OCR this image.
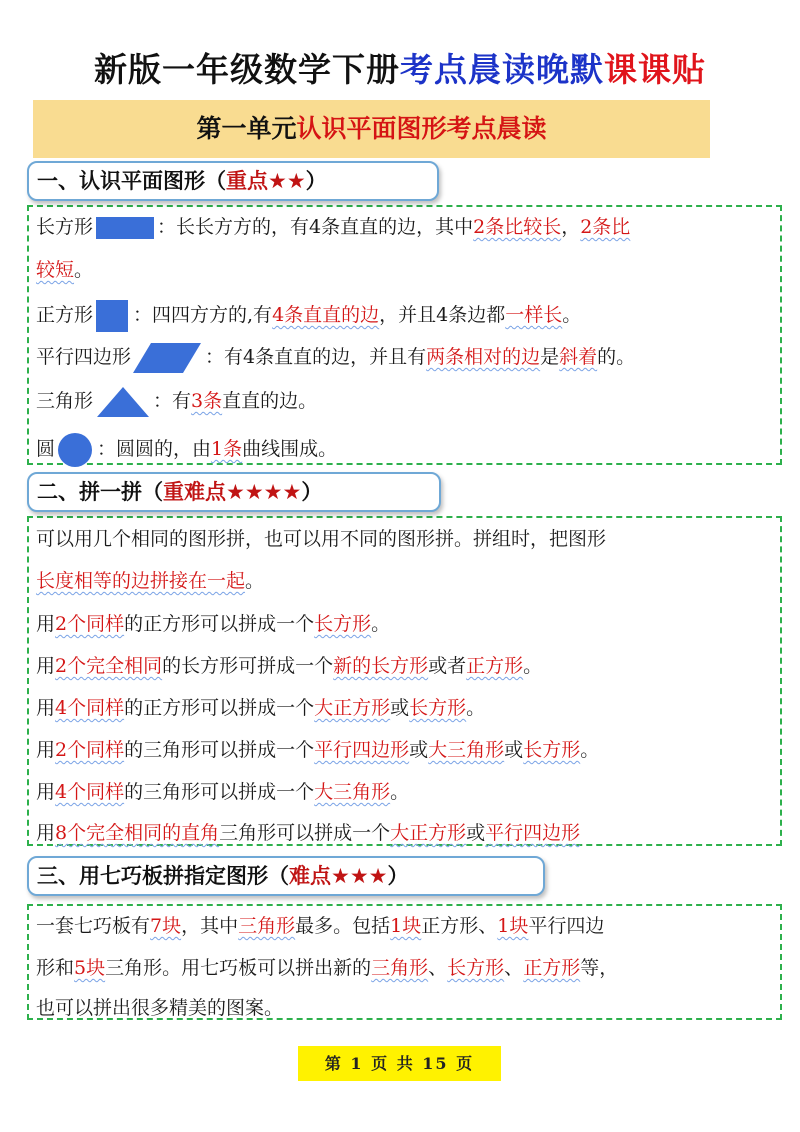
新版一年级数学下册考点晨读晚默课课贴
第一单元认识平面图形考点晨读
一、认识平面图形（重点★★）
长方形	：长长方方的，有4条直直的边，其中2条比较长，2条比
较短。
正方形 ：四四方方的,有4条直直的边，并且4条边都一样长。
平行四边形	：有4条直直的边，并且有两条相对的边是斜着的。
三角形	：有3条直直的边。
圆 ：圆圆的，由1条曲线围成。
二、拼一拼（重难点★★★★）
可以用几个相同的图形拼，也可以用不同的图形拼。拼组时，把图形
长度相等的边拼接在一起。
用2个同样的正方形可以拼成一个长方形。
用2个完全相同的长方形可拼成一个新的长方形或者正方形。
用4个同样的正方形可以拼成一个大正方形或长方形。
用2个同样的三角形可以拼成一个平行四边形或大三角形或长方形。
用4个同样的三角形可以拼成一个大三角形。
用8个完全相同的直角三角形可以拼成一个大正方形或平行四边形
三、用七巧板拼指定图形（难点★★★）
一套七巧板有7块，其中三角形最多。包括1块正方形、1块平行四边
形和5块三角形。用七巧板可以拼出新的三角形、长方形、正方形等，
也可以拼出很多精美的图案。
第 1 页 共 15 页
